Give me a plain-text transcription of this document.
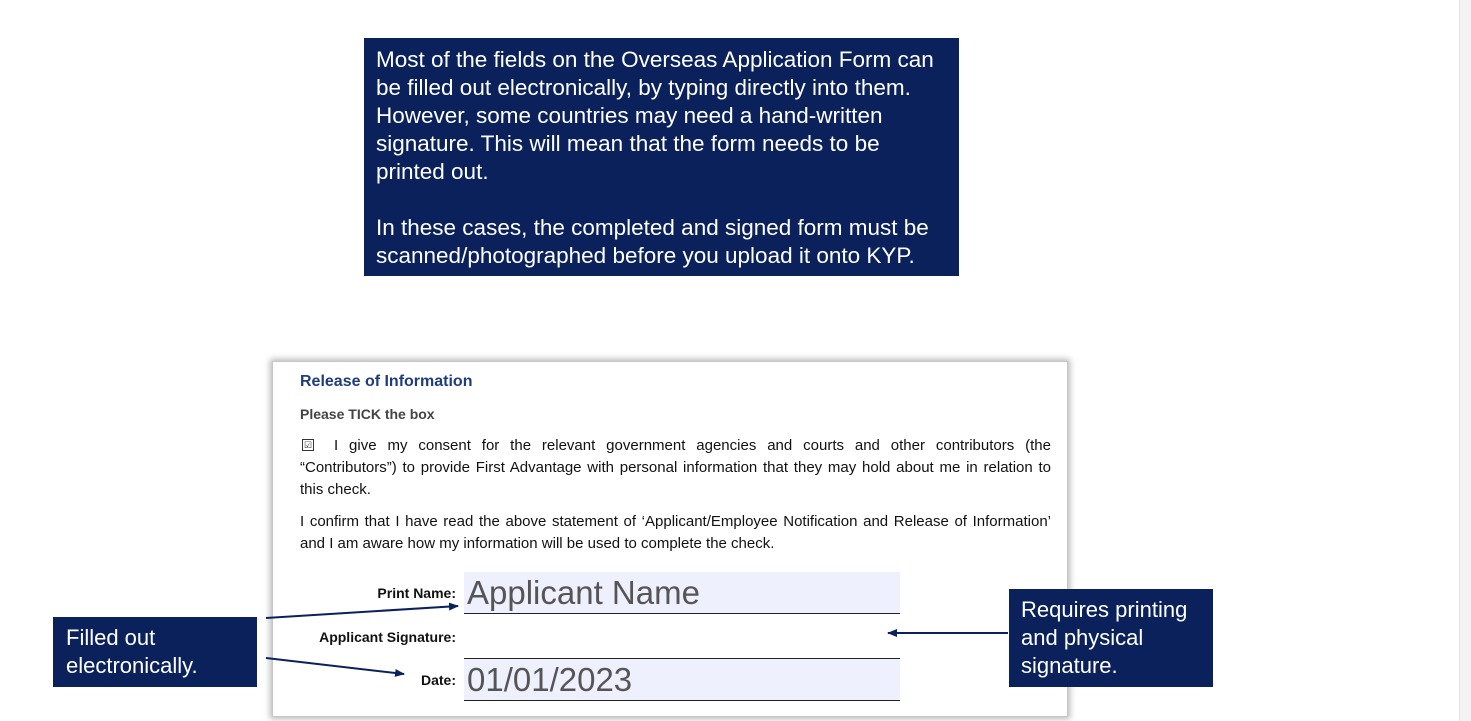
Most of the fields on the Overseas Application Form can be filled out electronically, by typing directly into them. However, some countries may need a hand-written signature. This will mean that the form needs to be printed out.

In these cases, the completed and signed form must be scanned/photographed before you upload it onto KYP.

Release of Information
Please TICK the box
☑	I give my consent for the relevant government agencies and courts and other contributors (the “Contributors”) to provide First Advantage with personal information that they may hold about me in relation to this check.

I confirm that I have read the above statement of ‘Applicant/Employee Notification and Release of Information’ and I am aware how my information will be used to complete the check.

Print Name: Applicant Name
Applicant Signature:
Date: 01/01/2023
Filled out
electronically.
Requires printing
and physical
signature.
